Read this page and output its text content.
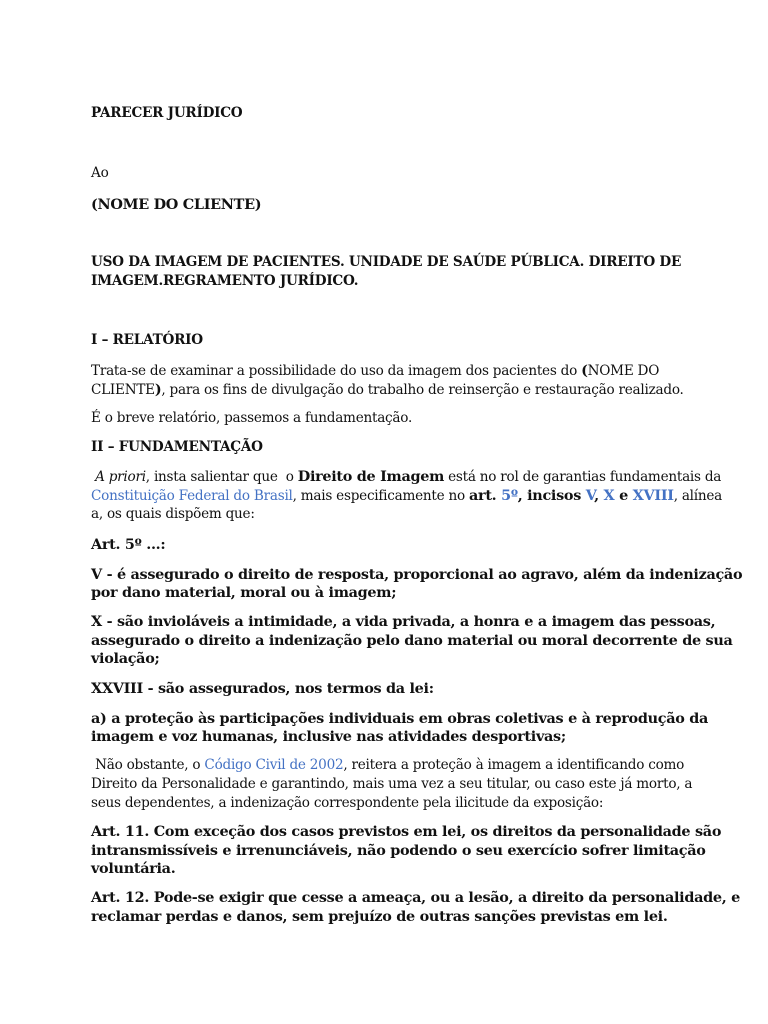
PARECER JURÍDICO
Ao
(NOME DO CLIENTE)
USO DA IMAGEM DE PACIENTES. UNIDADE DE SAÚDE PÚBLICA. DIREITO DE
IMAGEM.REGRAMENTO JURÍDICO.
I – RELATÓRIO
Trata-se de examinar a possibilidade do uso da imagem dos pacientes do (NOME DO
CLIENTE), para os fins de divulgação do trabalho de reinserção e restauração realizado.
É o breve relatório, passemos a fundamentação.
II – FUNDAMENTAÇÃO
A priori, insta salientar que  o Direito de Imagem está no rol de garantias fundamentais da
Constituição Federal do Brasil, mais especificamente no art. 5º, incisos V, X e XVIII, alínea
a, os quais dispõem que:
Art. 5º ...:
V - é assegurado o direito de resposta, proporcional ao agravo, além da indenização
por dano material, moral ou à imagem;
X - são invioláveis a intimidade, a vida privada, a honra e a imagem das pessoas,
assegurado o direito a indenização pelo dano material ou moral decorrente de sua
violação;
XXVIII - são assegurados, nos termos da lei:
a) a proteção às participações individuais em obras coletivas e à reprodução da
imagem e voz humanas, inclusive nas atividades desportivas;
Não obstante, o Código Civil de 2002, reitera a proteção à imagem a identificando como
Direito da Personalidade e garantindo, mais uma vez a seu titular, ou caso este já morto, a
seus dependentes, a indenização correspondente pela ilicitude da exposição:
Art. 11. Com exceção dos casos previstos em lei, os direitos da personalidade são
intransmissíveis e irrenunciáveis, não podendo o seu exercício sofrer limitação
voluntária.
Art. 12. Pode-se exigir que cesse a ameaça, ou a lesão, a direito da personalidade, e
reclamar perdas e danos, sem prejuízo de outras sanções previstas em lei.
